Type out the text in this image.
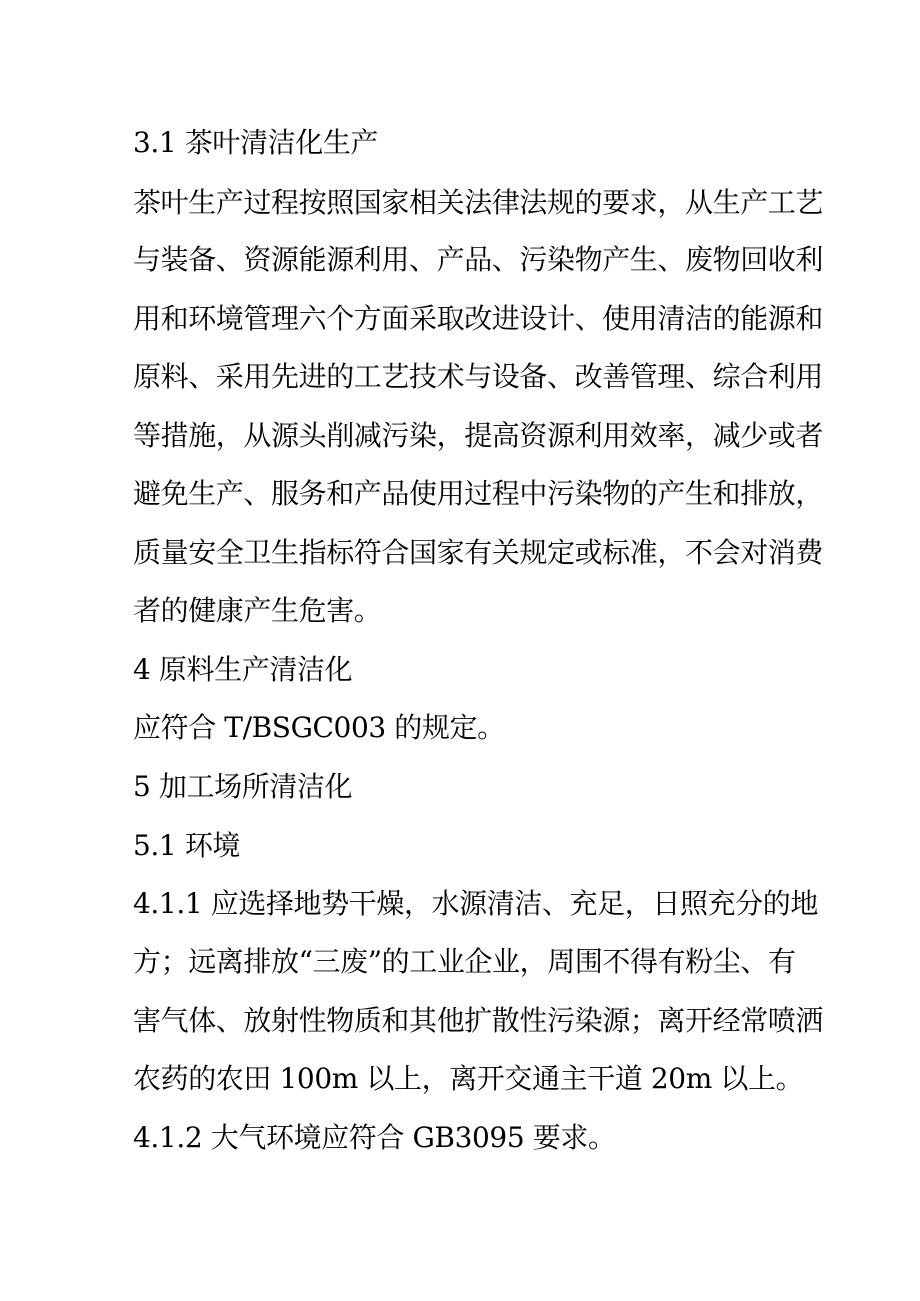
3.1 茶叶清洁化生产
茶叶生产过程按照国家相关法律法规的要求，从生产工艺
与装备、资源能源利用、产品、污染物产生、废物回收利
用和环境管理六个方面采取改进设计、使用清洁的能源和
原料、采用先进的工艺技术与设备、改善管理、综合利用
等措施，从源头削减污染，提高资源利用效率，减少或者
避免生产、服务和产品使用过程中污染物的产生和排放，
质量安全卫生指标符合国家有关规定或标准，不会对消费
者的健康产生危害。
4 原料生产清洁化
应符合 T/BSGC003 的规定。
5 加工场所清洁化
5.1 环境
4.1.1 应选择地势干燥，水源清洁、充足，日照充分的地
方；远离排放“三废”的工业企业，周围不得有粉尘、有
害气体、放射性物质和其他扩散性污染源；离开经常喷洒
农药的农田 100m 以上，离开交通主干道 20m 以上。
4.1.2 大气环境应符合 GB3095 要求。
